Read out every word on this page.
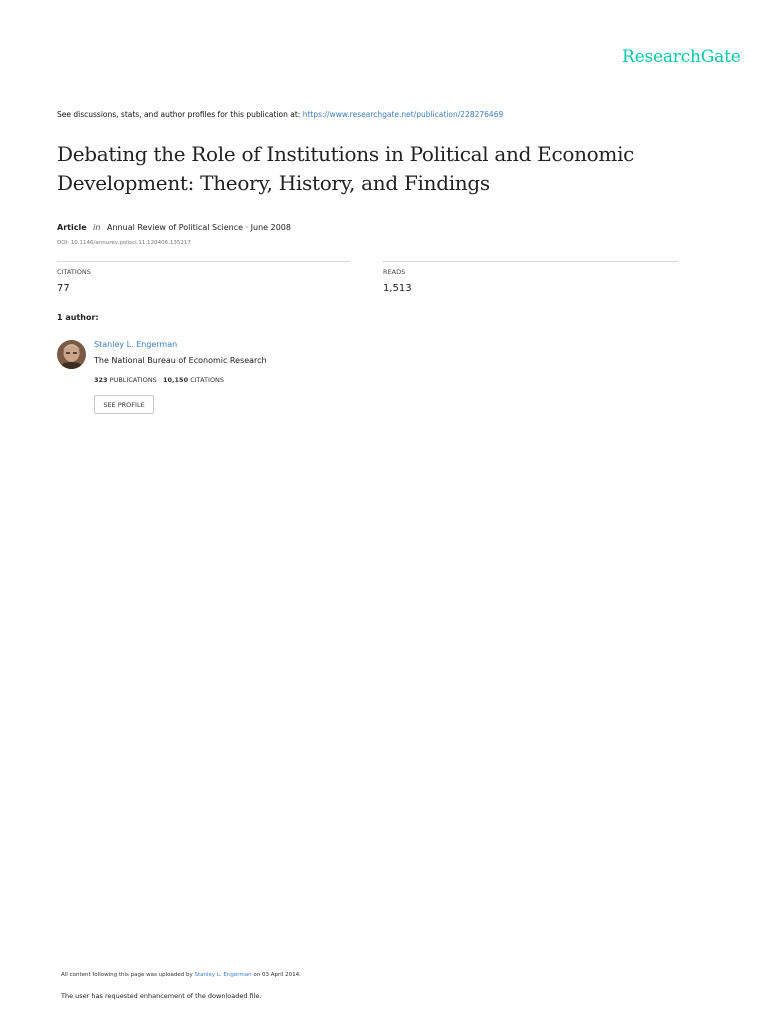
ResearchGate
See discussions, stats, and author profiles for this publication at: https://www.researchgate.net/publication/228276469
Debating the Role of Institutions in Political and Economic Development: Theory, History, and Findings
Article in Annual Review of Political Science · June 2008
DOI: 10.1146/annurev.polisci.11.120406.135217
CITATIONS
77
READS
1,513
1 author:
Stanley L. Engerman
The National Bureau of Economic Research
323 PUBLICATIONS 10,150 CITATIONS
SEE PROFILE
All content following this page was uploaded by Stanley L. Engerman on 03 April 2014.
The user has requested enhancement of the downloaded file.
